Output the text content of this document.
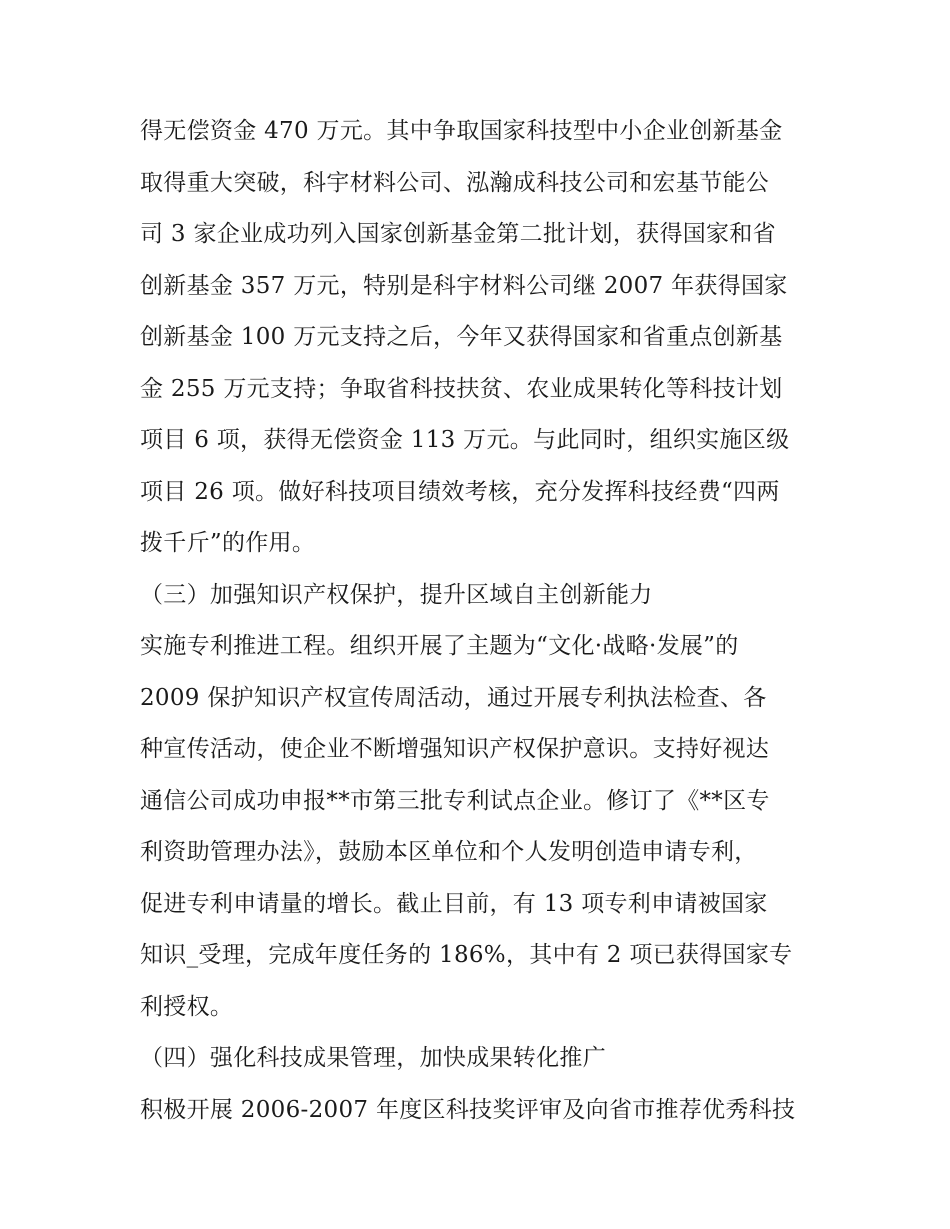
得无偿资金 470 万元。其中争取国家科技型中小企业创新基金
取得重大突破，科宇材料公司、泓瀚成科技公司和宏基节能公
司 3 家企业成功列入国家创新基金第二批计划，获得国家和省
创新基金 357 万元，特别是科宇材料公司继 2007 年获得国家
创新基金 100 万元支持之后，今年又获得国家和省重点创新基
金 255 万元支持；争取省科技扶贫、农业成果转化等科技计划
项目 6 项，获得无偿资金 113 万元。与此同时，组织实施区级
项目 26 项。做好科技项目绩效考核，充分发挥科技经费“四两
拨千斤”的作用。
（三）加强知识产权保护，提升区域自主创新能力
实施专利推进工程。组织开展了主题为“文化·战略·发展”的
2009 保护知识产权宣传周活动，通过开展专利执法检查、各
种宣传活动，使企业不断增强知识产权保护意识。支持好视达
通信公司成功申报**市第三批专利试点企业。修订了《**区专
利资助管理办法》，鼓励本区单位和个人发明创造申请专利，
促进专利申请量的增长。截止目前，有 13 项专利申请被国家
知识_受理，完成年度任务的 186%，其中有 2 项已获得国家专
利授权。
（四）强化科技成果管理，加快成果转化推广
积极开展 2006-2007 年度区科技奖评审及向省市推荐优秀科技
